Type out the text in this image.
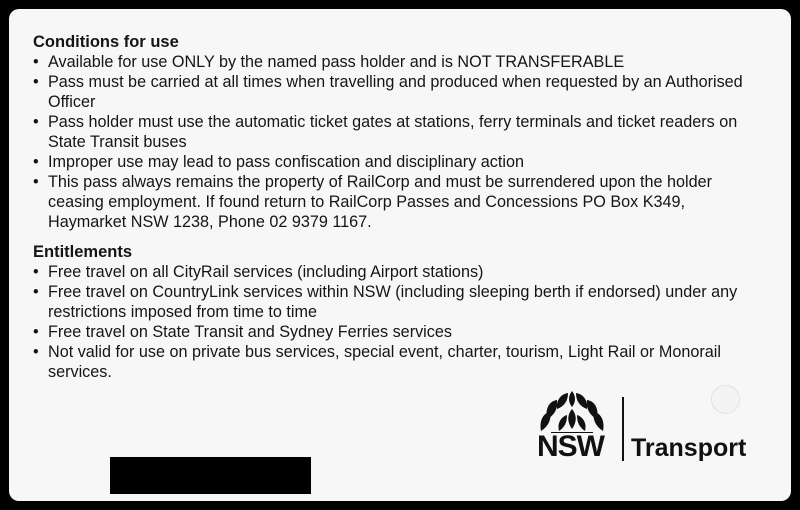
Conditions for use
• Available for use ONLY by the named pass holder and is NOT TRANSFERABLE
• Pass must be carried at all times when travelling and produced when requested by an Authorised Officer
• Pass holder must use the automatic ticket gates at stations, ferry terminals and ticket readers on State Transit buses
• Improper use may lead to pass confiscation and disciplinary action
• This pass always remains the property of RailCorp and must be surrendered upon the holder ceasing employment. If found return to RailCorp Passes and Concessions PO Box K349, Haymarket NSW 1238, Phone 02 9379 1167.
Entitlements
• Free travel on all CityRail services (including Airport stations)
• Free travel on CountryLink services within NSW (including sleeping berth if endorsed) under any restrictions imposed from time to time
• Free travel on State Transit and Sydney Ferries services
• Not valid for use on private bus services, special event, charter, tourism, Light Rail or Monorail services.
NSW Transport
